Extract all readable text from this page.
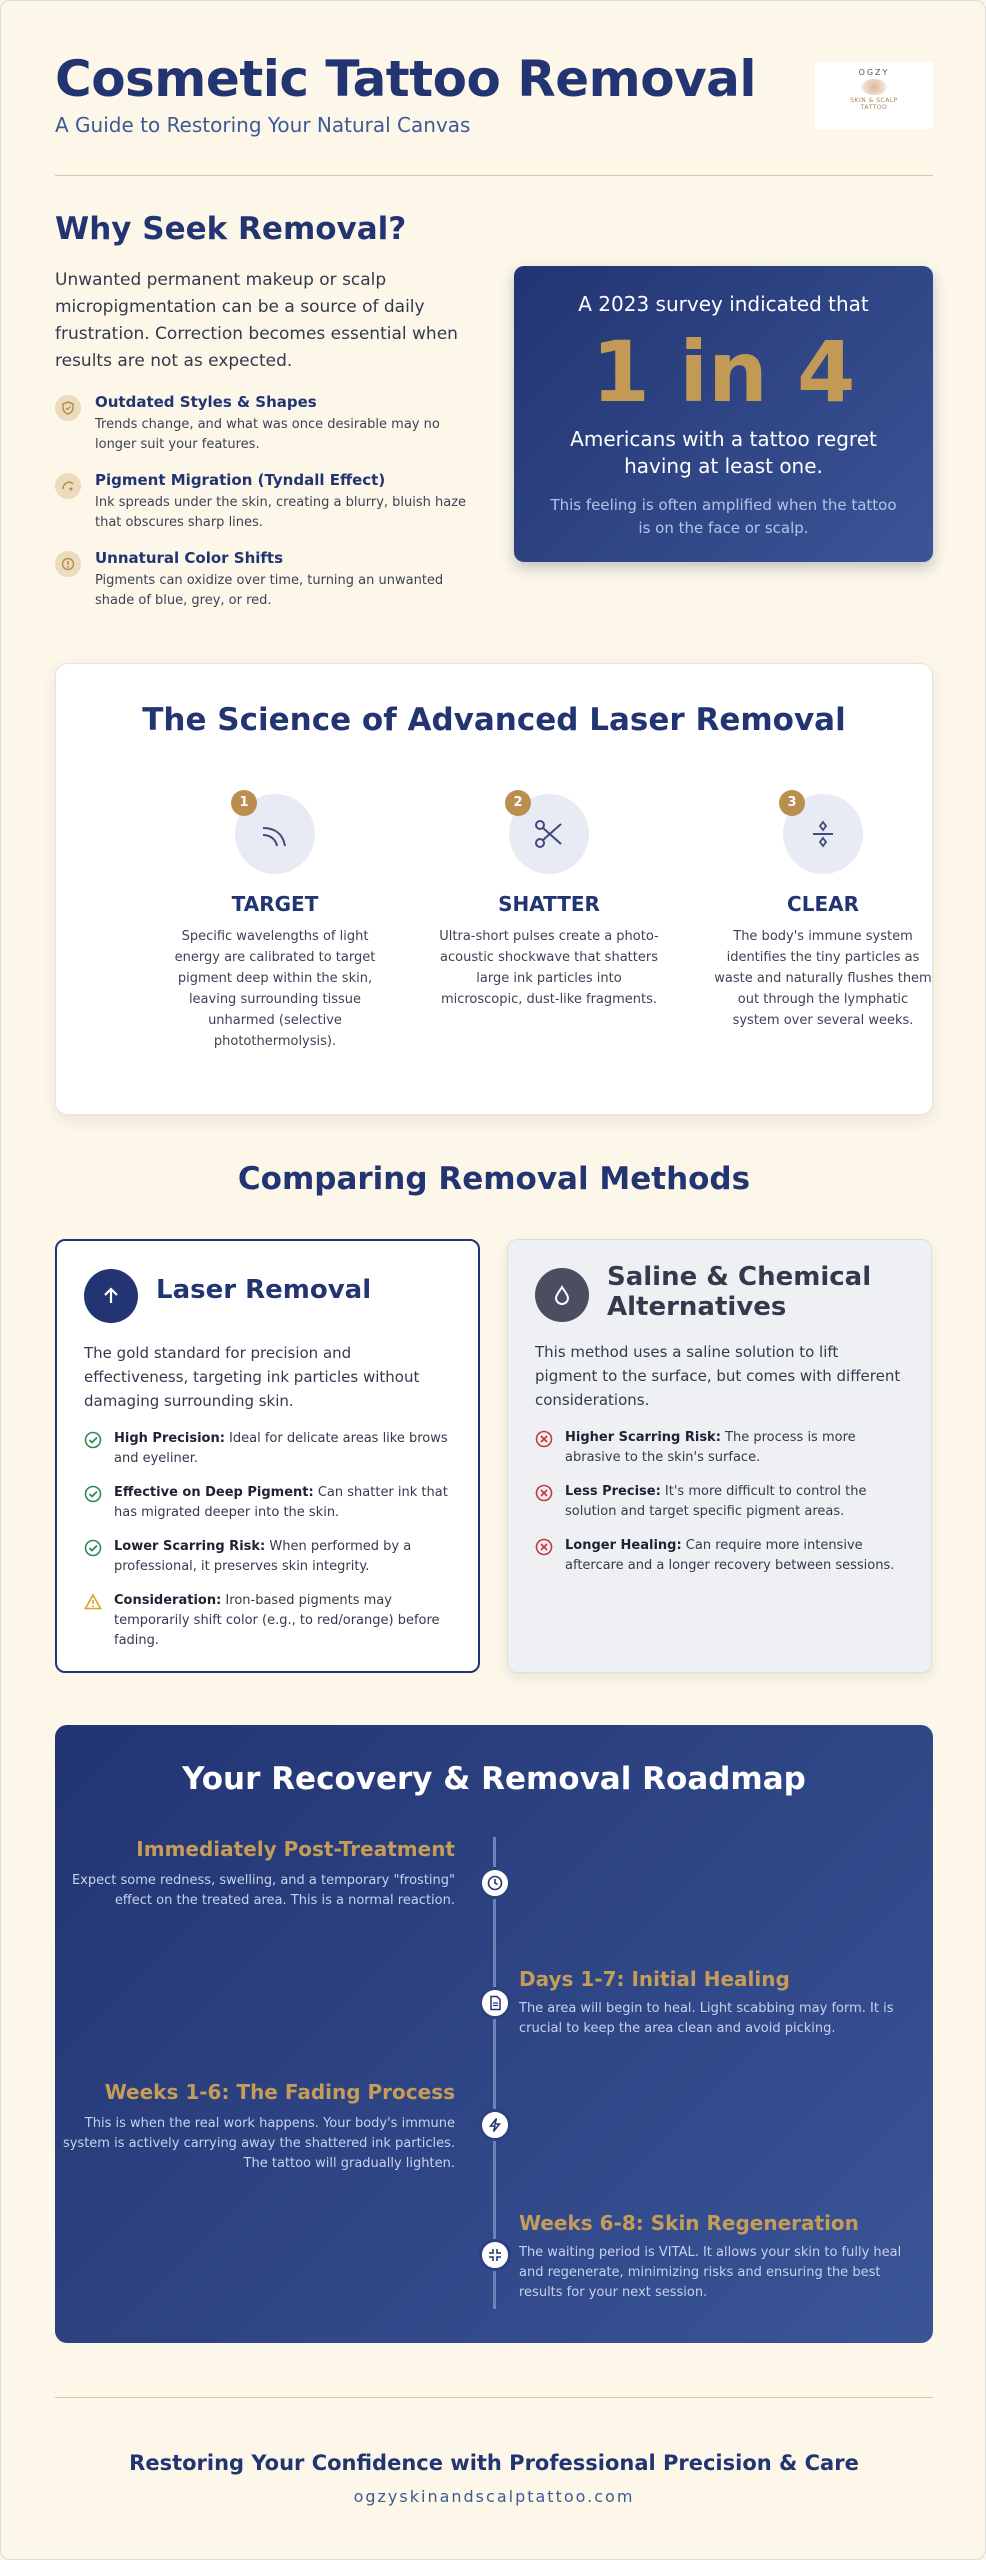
Cosmetic Tattoo Removal
A Guide to Restoring Your Natural Canvas
OGZY
SKIN & SCALP
TATTOO
Why Seek Removal?

Unwanted permanent makeup or scalp micropigmentation can be a source of daily frustration. Correction becomes essential when results are not as expected.

Outdated Styles & Shapes
Trends change, and what was once desirable may no longer suit your features.
Pigment Migration (Tyndall Effect)
Ink spreads under the skin, creating a blurry, bluish haze that obscures sharp lines.
Unnatural Color Shifts
Pigments can oxidize over time, turning an unwanted shade of blue, grey, or red.
A 2023 survey indicated that
1 in 4
Americans with a tattoo regret having at least one.
This feeling is often amplified when the tattoo is on the face or scalp.
The Science of Advanced Laser Removal
1
TARGET
Specific wavelengths of light energy are calibrated to target pigment deep within the skin, leaving surrounding tissue unharmed (selective photothermolysis).
2
SHATTER
Ultra-short pulses create a photo-acoustic shockwave that shatters large ink particles into microscopic, dust-like fragments.
3
CLEAR
The body's immune system identifies the tiny particles as waste and naturally flushes them out through the lymphatic system over several weeks.
Comparing Removal Methods
Laser Removal
The gold standard for precision and effectiveness, targeting ink particles without damaging surrounding skin.
High Precision: Ideal for delicate areas like brows and eyeliner.
Effective on Deep Pigment: Can shatter ink that has migrated deeper into the skin.
Lower Scarring Risk: When performed by a professional, it preserves skin integrity.
Consideration: Iron-based pigments may temporarily shift color (e.g., to red/orange) before fading.
Saline & Chemical Alternatives
This method uses a saline solution to lift pigment to the surface, but comes with different considerations.
Higher Scarring Risk: The process is more abrasive to the skin's surface.
Less Precise: It's more difficult to control the solution and target specific pigment areas.
Longer Healing: Can require more intensive aftercare and a longer recovery between sessions.
Your Recovery & Removal Roadmap
Immediately Post-Treatment
Expect some redness, swelling, and a temporary "frosting" effect on the treated area. This is a normal reaction.
Days 1-7: Initial Healing
The area will begin to heal. Light scabbing may form. It is crucial to keep the area clean and avoid picking.
Weeks 1-6: The Fading Process
This is when the real work happens. Your body's immune system is actively carrying away the shattered ink particles. The tattoo will gradually lighten.
Weeks 6-8: Skin Regeneration
The waiting period is VITAL. It allows your skin to fully heal and regenerate, minimizing risks and ensuring the best results for your next session.
Restoring Your Confidence with Professional Precision & Care
ogzyskinandscalptattoo.com
